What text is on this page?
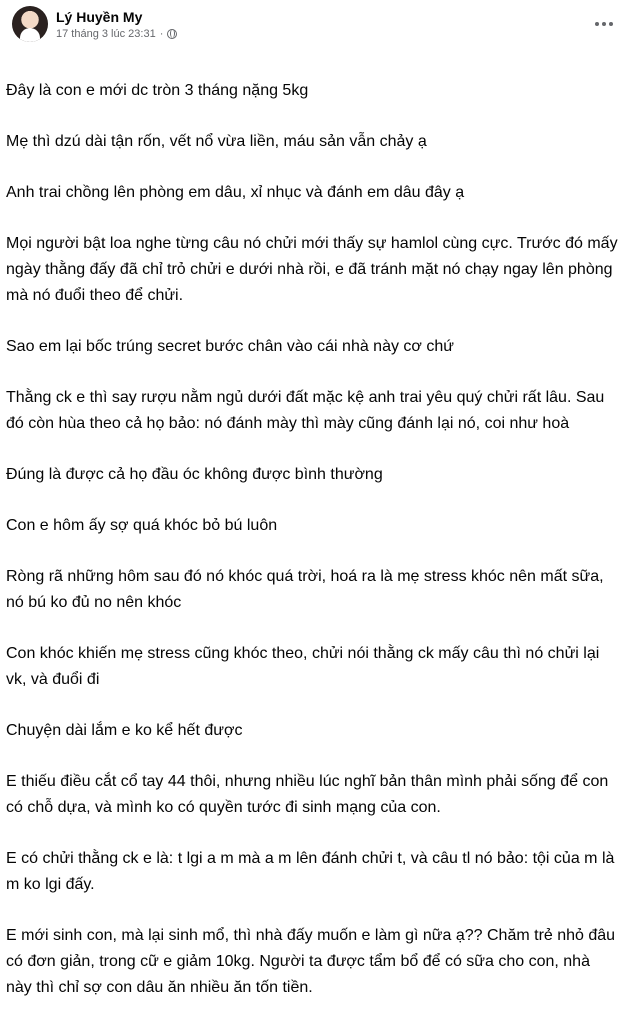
Lý Huyền My
17 tháng 3 lúc 23:31 ·

Đây là con e mới dc tròn 3 tháng nặng 5kg

Mẹ thì dzú dài tận rốn, vết nổ vừa liền, máu sản vẫn chảy ạ

Anh trai chồng lên phòng em dâu, xỉ nhục và đánh em dâu đây ạ

Mọi người bật loa nghe từng câu nó chửi mới thấy sự hamlol cùng cực. Trước đó mấy ngày thằng đấy đã chỉ trỏ chửi e dưới nhà rồi, e đã tránh mặt nó chạy ngay lên phòng mà nó đuổi theo để chửi.

Sao em lại bốc trúng secret bước chân vào cái nhà này cơ chứ

Thằng ck e thì say rượu nằm ngủ dưới đất mặc kệ anh trai yêu quý chửi rất lâu. Sau đó còn hùa theo cả họ bảo: nó đánh mày thì mày cũng đánh lại nó, coi như hoà

Đúng là được cả họ đầu óc không được bình thường

Con e hôm ấy sợ quá khóc bỏ bú luôn

Ròng rã những hôm sau đó nó khóc quá trời, hoá ra là mẹ stress khóc nên mất sữa, nó bú ko đủ no nên khóc

Con khóc khiến mẹ stress cũng khóc theo, chửi nói thằng ck mấy câu thì nó chửi lại vk, và đuổi đi

Chuyện dài lắm e ko kể hết được

E thiếu điều cắt cổ tay 44 thôi, nhưng nhiều lúc nghĩ bản thân mình phải sống để con có chỗ dựa, và mình ko có quyền tước đi sinh mạng của con.

E có chửi thằng ck e là: t lgi a m mà a m lên đánh chửi t, và câu tl nó bảo: tội của m là m ko lgi đấy.

E mới sinh con, mà lại sinh mổ, thì nhà đấy muốn e làm gì nữa ạ?? Chăm trẻ nhỏ đâu có đơn giản, trong cữ e giảm 10kg. Người ta được tẩm bổ để có sữa cho con, nhà này thì chỉ sợ con dâu ăn nhiều ăn tốn tiền.
